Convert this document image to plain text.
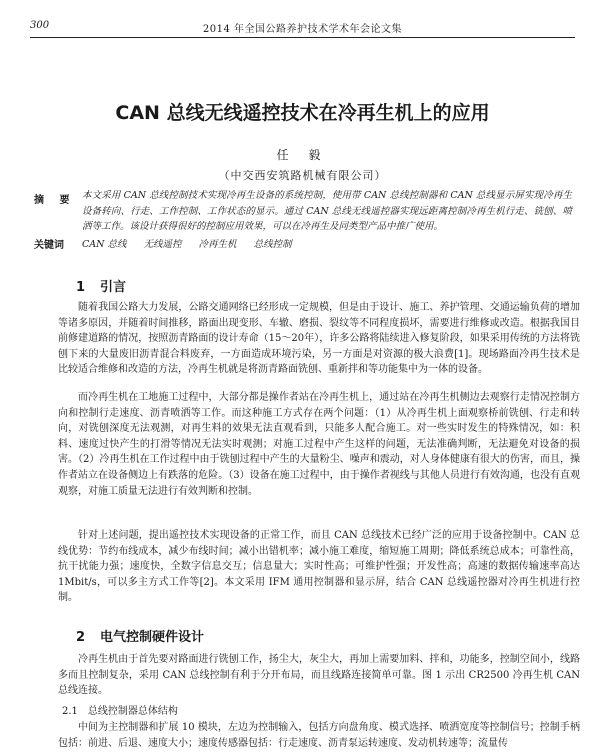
300	2014 年全国公路养护技术学术年会论文集
CAN 总线无线遥控技术在冷再生机上的应用
任 毅
（中交西安筑路机械有限公司）
摘 要 本文采用 CAN 总线控制技术实现冷再生设备的系统控制，使用带 CAN 总线控制器和 CAN 总线显示屏实现冷再生设备转向、行走、工作控制、工作状态的显示。通过 CAN 总线无线遥控器实现远距离控制冷再生机行走、铣刨、喷洒等工作。该设计获得很好的控制应用效果，可以在冷再生及同类型产品中推广使用。

关键词 CAN 总线 无线遥控 冷再生机 总线控制
1 引言

随着我国公路大力发展，公路交通网络已经形成一定规模，但是由于设计、施工、养护管理、交通运输负荷的增加等诸多原因，并随着时间推移，路面出现变形、车辙、磨损、裂纹等不同程度损坏，需要进行维修或改造。根据我国目前修建道路的情况，按照沥青路面的设计寿命（15～20年），许多公路将陆续进入修复阶段，如果采用传统的方法将铣刨下来的大量废旧沥青混合料废弃，一方面造成环境污染，另一方面是对资源的极大浪费[1]。现场路面冷再生技术是比较适合维修和改造的方法，冷再生机就是将沥青路面铣刨、重新拌和等功能集中为一体的设备。

而冷再生机在工地施工过程中，大部分都是操作者站在冷再生机上，通过站在冷再生机侧边去观察行走情况控制方向和控制行走速度、沥青喷洒等工作。而这种施工方式存在两个问题：（1）从冷再生机上面观察桥前铣刨、行走和转向，对铣刨深度无法观测，对再生料的效果无法直观看到，只能多人配合施工。对一些实时发生的特殊情况，如：积料、速度过快产生的打滑等情况无法实时观测；对施工过程中产生这样的问题，无法准确判断，无法避免对设备的损害。（2）冷再生机在工作过程中由于铣刨过程中产生的大量粉尘、噪声和震动，对人身体健康有很大的伤害，而且，操作者站立在设备侧边上有跌落的危险。（3）设备在施工过程中，由于操作者视线与其他人员进行有效沟通，也没有直观观察，对施工质量无法进行有效判断和控制。

针对上述问题，提出遥控技术实现设备的正常工作，而且 CAN 总线技术已经广泛的应用于设备控制中。CAN 总线优势：节约布线成本，减少布线时间；减小出错机率；减小施工难度，缩短施工周期；降低系统总成本；可靠性高，抗干扰能力强；速度快，全数字信息交互；信息量大；实时性高；可维护性强；开发性高；高速的数据传输速率高达 1Mbit/s，可以多主方式工作等[2]。本文采用 IFM 通用控制器和显示屏，结合 CAN 总线遥控器对冷再生机进行控制。

2 电气控制硬件设计

冷再生机由于首先要对路面进行铣刨工作，扬尘大，灰尘大，再加上需要加料、拌和，功能多，控制空间小，线路多而且控制复杂，采用 CAN 总线控制有利于分开布局，而且线路连接简单可靠。图 1 示出 CR2500 冷再生机 CAN 总线连接。

2.1 总线控制器总体结构

中间为主控制器和扩展 10 模块，左边为控制输入，包括方向盘角度、模式选择、喷洒宽度等控制信号；控制手柄包括：前进、后退、速度大小；速度传感器包括：行走速度、沥青泵运转速度、发动机转速等；流量传
